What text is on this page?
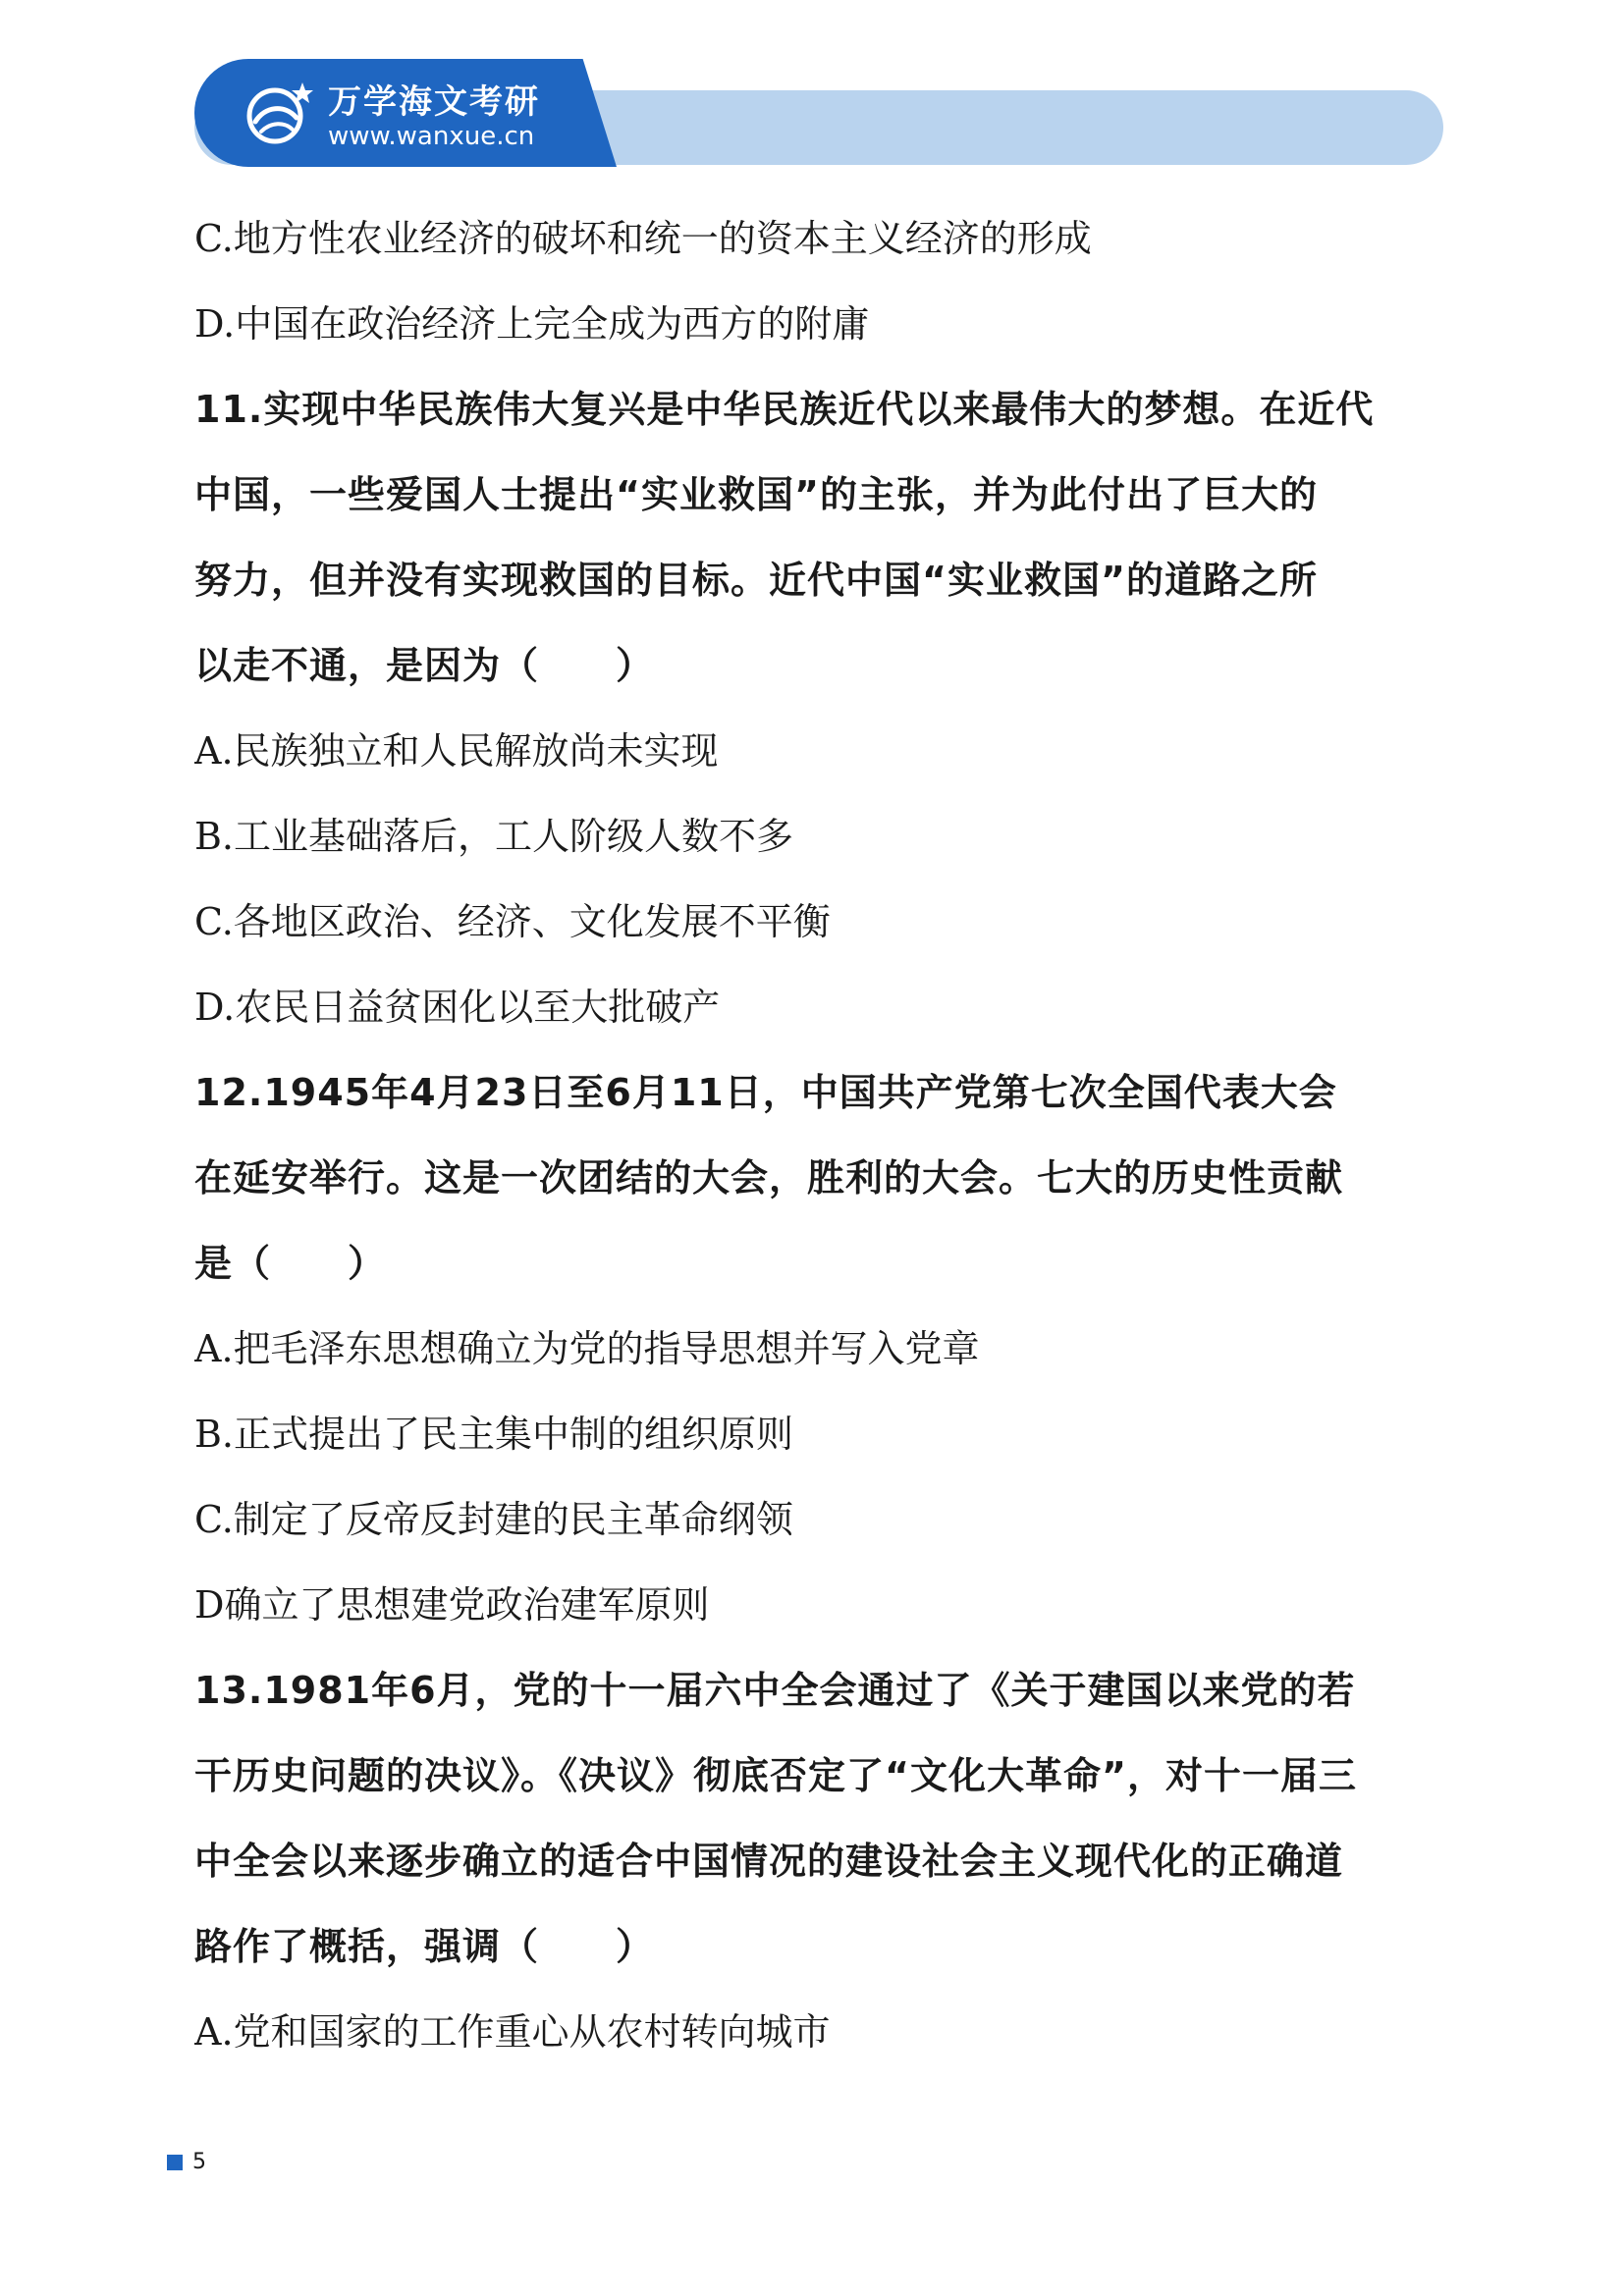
万学海文考研
www.wanxue.cn
C.地方性农业经济的破坏和统一的资本主义经济的形成
D.中国在政治经济上完全成为西方的附庸
11.实现中华民族伟大复兴是中华民族近代以来最伟大的梦想。在近代
中国，一些爱国人士提出“实业救国”的主张，并为此付出了巨大的
努力，但并没有实现救国的目标。近代中国“实业救国”的道路之所
以走不通，是因为（　　）
A.民族独立和人民解放尚未实现
B.工业基础落后，工人阶级人数不多
C.各地区政治、经济、文化发展不平衡
D.农民日益贫困化以至大批破产
12.1945年4月23日至6月11日，中国共产党第七次全国代表大会
在延安举行。这是一次团结的大会，胜利的大会。七大的历史性贡献
是（　　）
A.把毛泽东思想确立为党的指导思想并写入党章
B.正式提出了民主集中制的组织原则
C.制定了反帝反封建的民主革命纲领
D确立了思想建党政治建军原则
13.1981年6月，党的十一届六中全会通过了《关于建国以来党的若
干历史问题的决议》。《决议》彻底否定了“文化大革命”，对十一届三
中全会以来逐步确立的适合中国情况的建设社会主义现代化的正确道
路作了概括，强调（　　）
A.党和国家的工作重心从农村转向城市
5
